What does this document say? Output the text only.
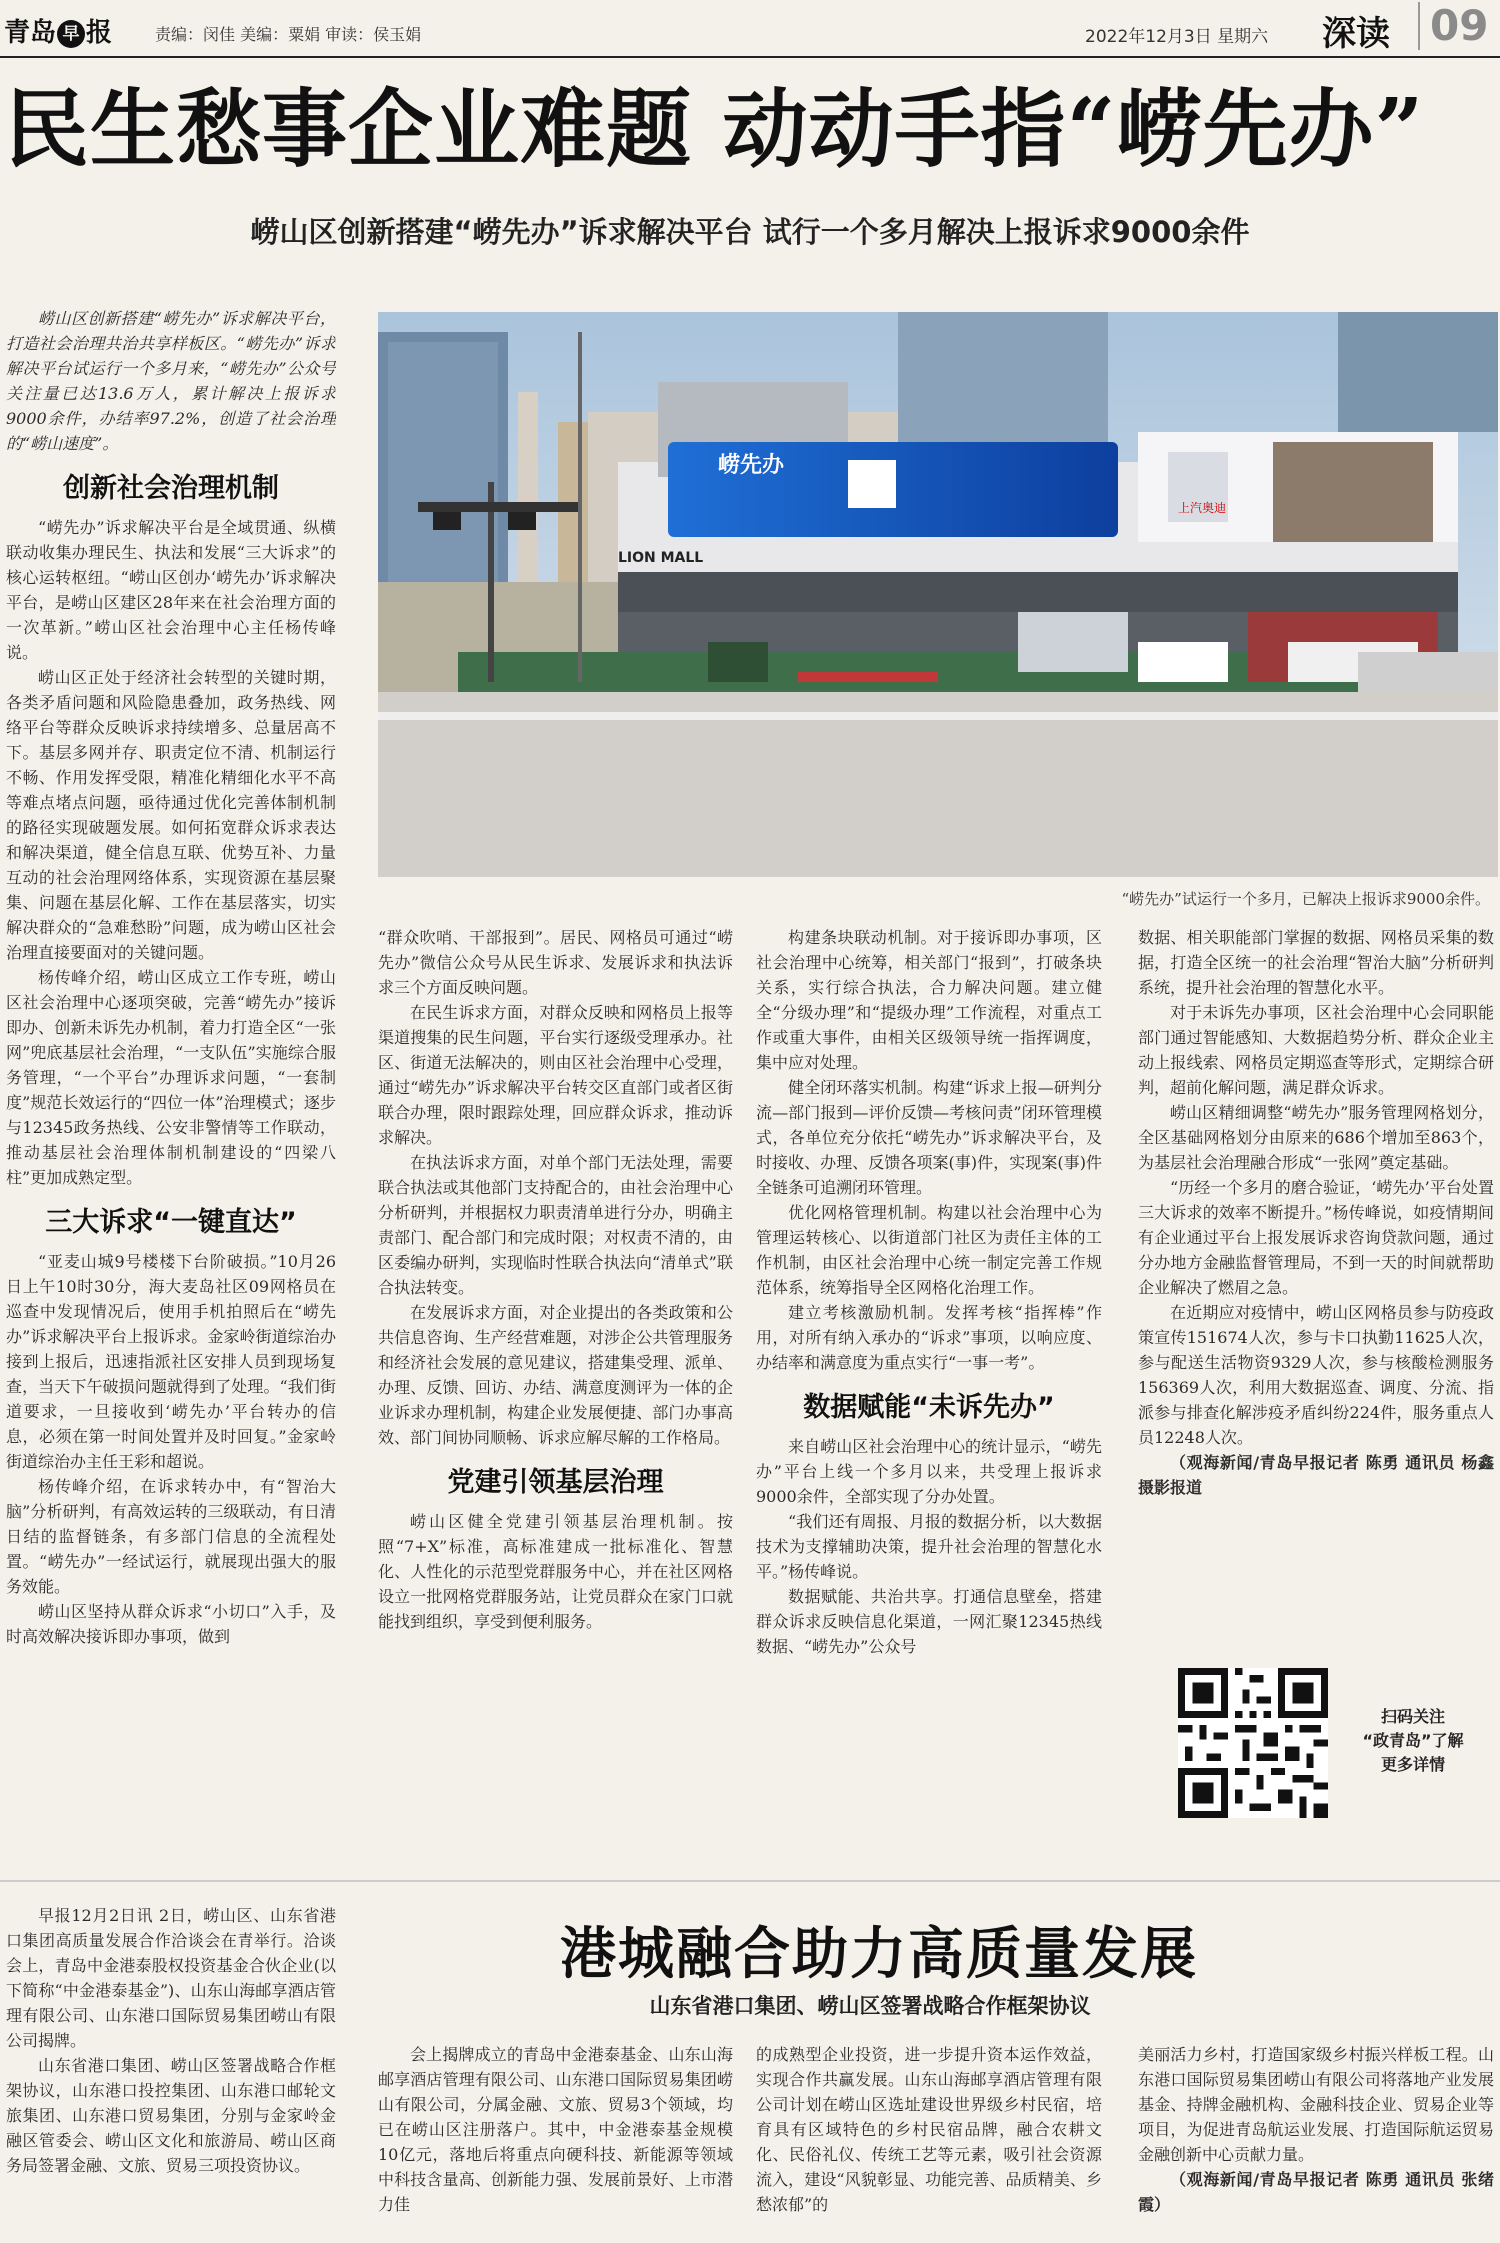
青岛 早 报	责编：闵佳 美编：粟娟 审读：侯玉娟	2022年12月3日 星期六 深读 09
民生愁事企业难题 动动手指“崂先办”
崂山区创新搭建“崂先办”诉求解决平台 试行一个多月解决上报诉求9000余件

崂山区创新搭建“崂先办”诉求解决平台，打造社会治理共治共享样板区。“崂先办”诉求解决平台试运行一个多月来，“崂先办”公众号关注量已达13.6万人，累计解决上报诉求9000余件，办结率97.2%，创造了社会治理的“崂山速度”。

创新社会治理机制

“崂先办”诉求解决平台是全域贯通、纵横联动收集办理民生、执法和发展“三大诉求”的核心运转枢纽。“崂山区创办‘崂先办’诉求解决平台，是崂山区建区28年来在社会治理方面的一次革新。”崂山区社会治理中心主任杨传峰说。

崂山区正处于经济社会转型的关键时期，各类矛盾问题和风险隐患叠加，政务热线、网络平台等群众反映诉求持续增多、总量居高不下。基层多网并存、职责定位不清、机制运行不畅、作用发挥受限，精准化精细化水平不高等难点堵点问题，亟待通过优化完善体制机制的路径实现破题发展。如何拓宽群众诉求表达和解决渠道，健全信息互联、优势互补、力量互动的社会治理网络体系，实现资源在基层聚集、问题在基层化解、工作在基层落实，切实解决群众的“急难愁盼”问题，成为崂山区社会治理直接要面对的关键问题。

杨传峰介绍，崂山区成立工作专班，崂山区社会治理中心逐项突破，完善“崂先办”接诉即办、创新未诉先办机制，着力打造全区“一张网”兜底基层社会治理，“一支队伍”实施综合服务管理，“一个平台”办理诉求问题，“一套制度”规范长效运行的“四位一体”治理模式；逐步与12345政务热线、公安非警情等工作联动，推动基层社会治理体制机制建设的“四梁八柱”更加成熟定型。

三大诉求“一键直达”

“亚麦山城9号楼楼下台阶破损。”10月26日上午10时30分，海大麦岛社区09网格员在巡查中发现情况后，使用手机拍照后在“崂先办”诉求解决平台上报诉求。金家岭街道综治办接到上报后，迅速指派社区安排人员到现场复查，当天下午破损问题就得到了处理。“我们街道要求，一旦接收到‘崂先办’平台转办的信息，必须在第一时间处置并及时回复。”金家岭街道综治办主任王彩和超说。

杨传峰介绍，在诉求转办中，有“智治大脑”分析研判，有高效运转的三级联动，有日清日结的监督链条，有多部门信息的全流程处置。“崂先办”一经试运行，就展现出强大的服务效能。

崂山区坚持从群众诉求“小切口”入手，及时高效解决接诉即办事项，做到

崂先办
上汽奥迪
LION MALL
“崂先办”试运行一个多月，已解决上报诉求9000余件。

“群众吹哨、干部报到”。居民、网格员可通过“崂先办”微信公众号从民生诉求、发展诉求和执法诉求三个方面反映问题。

在民生诉求方面，对群众反映和网格员上报等渠道搜集的民生问题，平台实行逐级受理承办。社区、街道无法解决的，则由区社会治理中心受理，通过“崂先办”诉求解决平台转交区直部门或者区街联合办理，限时跟踪处理，回应群众诉求，推动诉求解决。

在执法诉求方面，对单个部门无法处理，需要联合执法或其他部门支持配合的，由社会治理中心分析研判，并根据权力职责清单进行分办，明确主责部门、配合部门和完成时限；对权责不清的，由区委编办研判，实现临时性联合执法向“清单式”联合执法转变。

在发展诉求方面，对企业提出的各类政策和公共信息咨询、生产经营难题，对涉企公共管理服务和经济社会发展的意见建议，搭建集受理、派单、办理、反馈、回访、办结、满意度测评为一体的企业诉求办理机制，构建企业发展便捷、部门办事高效、部门间协同顺畅、诉求应解尽解的工作格局。

党建引领基层治理

崂山区健全党建引领基层治理机制。按照“7+X”标准，高标准建成一批标准化、智慧化、人性化的示范型党群服务中心，并在社区网格设立一批网格党群服务站，让党员群众在家门口就能找到组织，享受到便利服务。

构建条块联动机制。对于接诉即办事项，区社会治理中心统筹，相关部门“报到”，打破条块关系，实行综合执法，合力解决问题。建立健全“分级办理”和“提级办理”工作流程，对重点工作或重大事件，由相关区级领导统一指挥调度，集中应对处理。

健全闭环落实机制。构建“诉求上报—研判分流—部门报到—评价反馈—考核问责”闭环管理模式，各单位充分依托“崂先办”诉求解决平台，及时接收、办理、反馈各项案(事)件，实现案(事)件全链条可追溯闭环管理。

优化网格管理机制。构建以社会治理中心为管理运转核心、以街道部门社区为责任主体的工作机制，由区社会治理中心统一制定完善工作规范体系，统筹指导全区网格化治理工作。

建立考核激励机制。发挥考核“指挥棒”作用，对所有纳入承办的“诉求”事项，以响应度、办结率和满意度为重点实行“一事一考”。

数据赋能“未诉先办”

来自崂山区社会治理中心的统计显示，“崂先办”平台上线一个多月以来，共受理上报诉求9000余件，全部实现了分办处置。

“我们还有周报、月报的数据分析，以大数据技术为支撑辅助决策，提升社会治理的智慧化水平。”杨传峰说。

数据赋能、共治共享。打通信息壁垒，搭建群众诉求反映信息化渠道，一网汇聚12345热线数据、“崂先办”公众号

数据、相关职能部门掌握的数据、网格员采集的数据，打造全区统一的社会治理“智治大脑”分析研判系统，提升社会治理的智慧化水平。

对于未诉先办事项，区社会治理中心会同职能部门通过智能感知、大数据趋势分析、群众企业主动上报线索、网格员定期巡查等形式，定期综合研判，超前化解问题，满足群众诉求。

崂山区精细调整“崂先办”服务管理网格划分，全区基础网格划分由原来的686个增加至863个，为基层社会治理融合形成“一张网”奠定基础。

“历经一个多月的磨合验证，‘崂先办’平台处置三大诉求的效率不断提升。”杨传峰说，如疫情期间有企业通过平台上报发展诉求咨询贷款问题，通过分办地方金融监督管理局，不到一天的时间就帮助企业解决了燃眉之急。

在近期应对疫情中，崂山区网格员参与防疫政策宣传151674人次，参与卡口执勤11625人次，参与配送生活物资9329人次，参与核酸检测服务156369人次，利用大数据巡查、调度、分流、指派参与排查化解涉疫矛盾纠纷224件，服务重点人员12248人次。

（观海新闻/青岛早报记者 陈勇 通讯员 杨鑫 摄影报道

扫码关注
“政青岛”了解
更多详情
港城融合助力高质量发展
山东省港口集团、崂山区签署战略合作框架协议

早报12月2日讯 2日，崂山区、山东省港口集团高质量发展合作洽谈会在青举行。洽谈会上，青岛中金港泰股权投资基金合伙企业(以下简称“中金港泰基金”)、山东山海邮享酒店管理有限公司、山东港口国际贸易集团崂山有限公司揭牌。

山东省港口集团、崂山区签署战略合作框架协议，山东港口投控集团、山东港口邮轮文旅集团、山东港口贸易集团，分别与金家岭金融区管委会、崂山区文化和旅游局、崂山区商务局签署金融、文旅、贸易三项投资协议。

会上揭牌成立的青岛中金港泰基金、山东山海邮享酒店管理有限公司、山东港口国际贸易集团崂山有限公司，分属金融、文旅、贸易3个领域，均已在崂山区注册落户。其中，中金港泰基金规模10亿元，落地后将重点向硬科技、新能源等领域中科技含量高、创新能力强、发展前景好、上市潜力佳

的成熟型企业投资，进一步提升资本运作效益，实现合作共赢发展。山东山海邮享酒店管理有限公司计划在崂山区选址建设世界级乡村民宿，培育具有区域特色的乡村民宿品牌，融合农耕文化、民俗礼仪、传统工艺等元素，吸引社会资源流入，建设“风貌彰显、功能完善、品质精美、乡愁浓郁”的

美丽活力乡村，打造国家级乡村振兴样板工程。山东港口国际贸易集团崂山有限公司将落地产业发展基金、持牌金融机构、金融科技企业、贸易企业等项目，为促进青岛航运业发展、打造国际航运贸易金融创新中心贡献力量。

（观海新闻/青岛早报记者 陈勇 通讯员 张绪霞）
